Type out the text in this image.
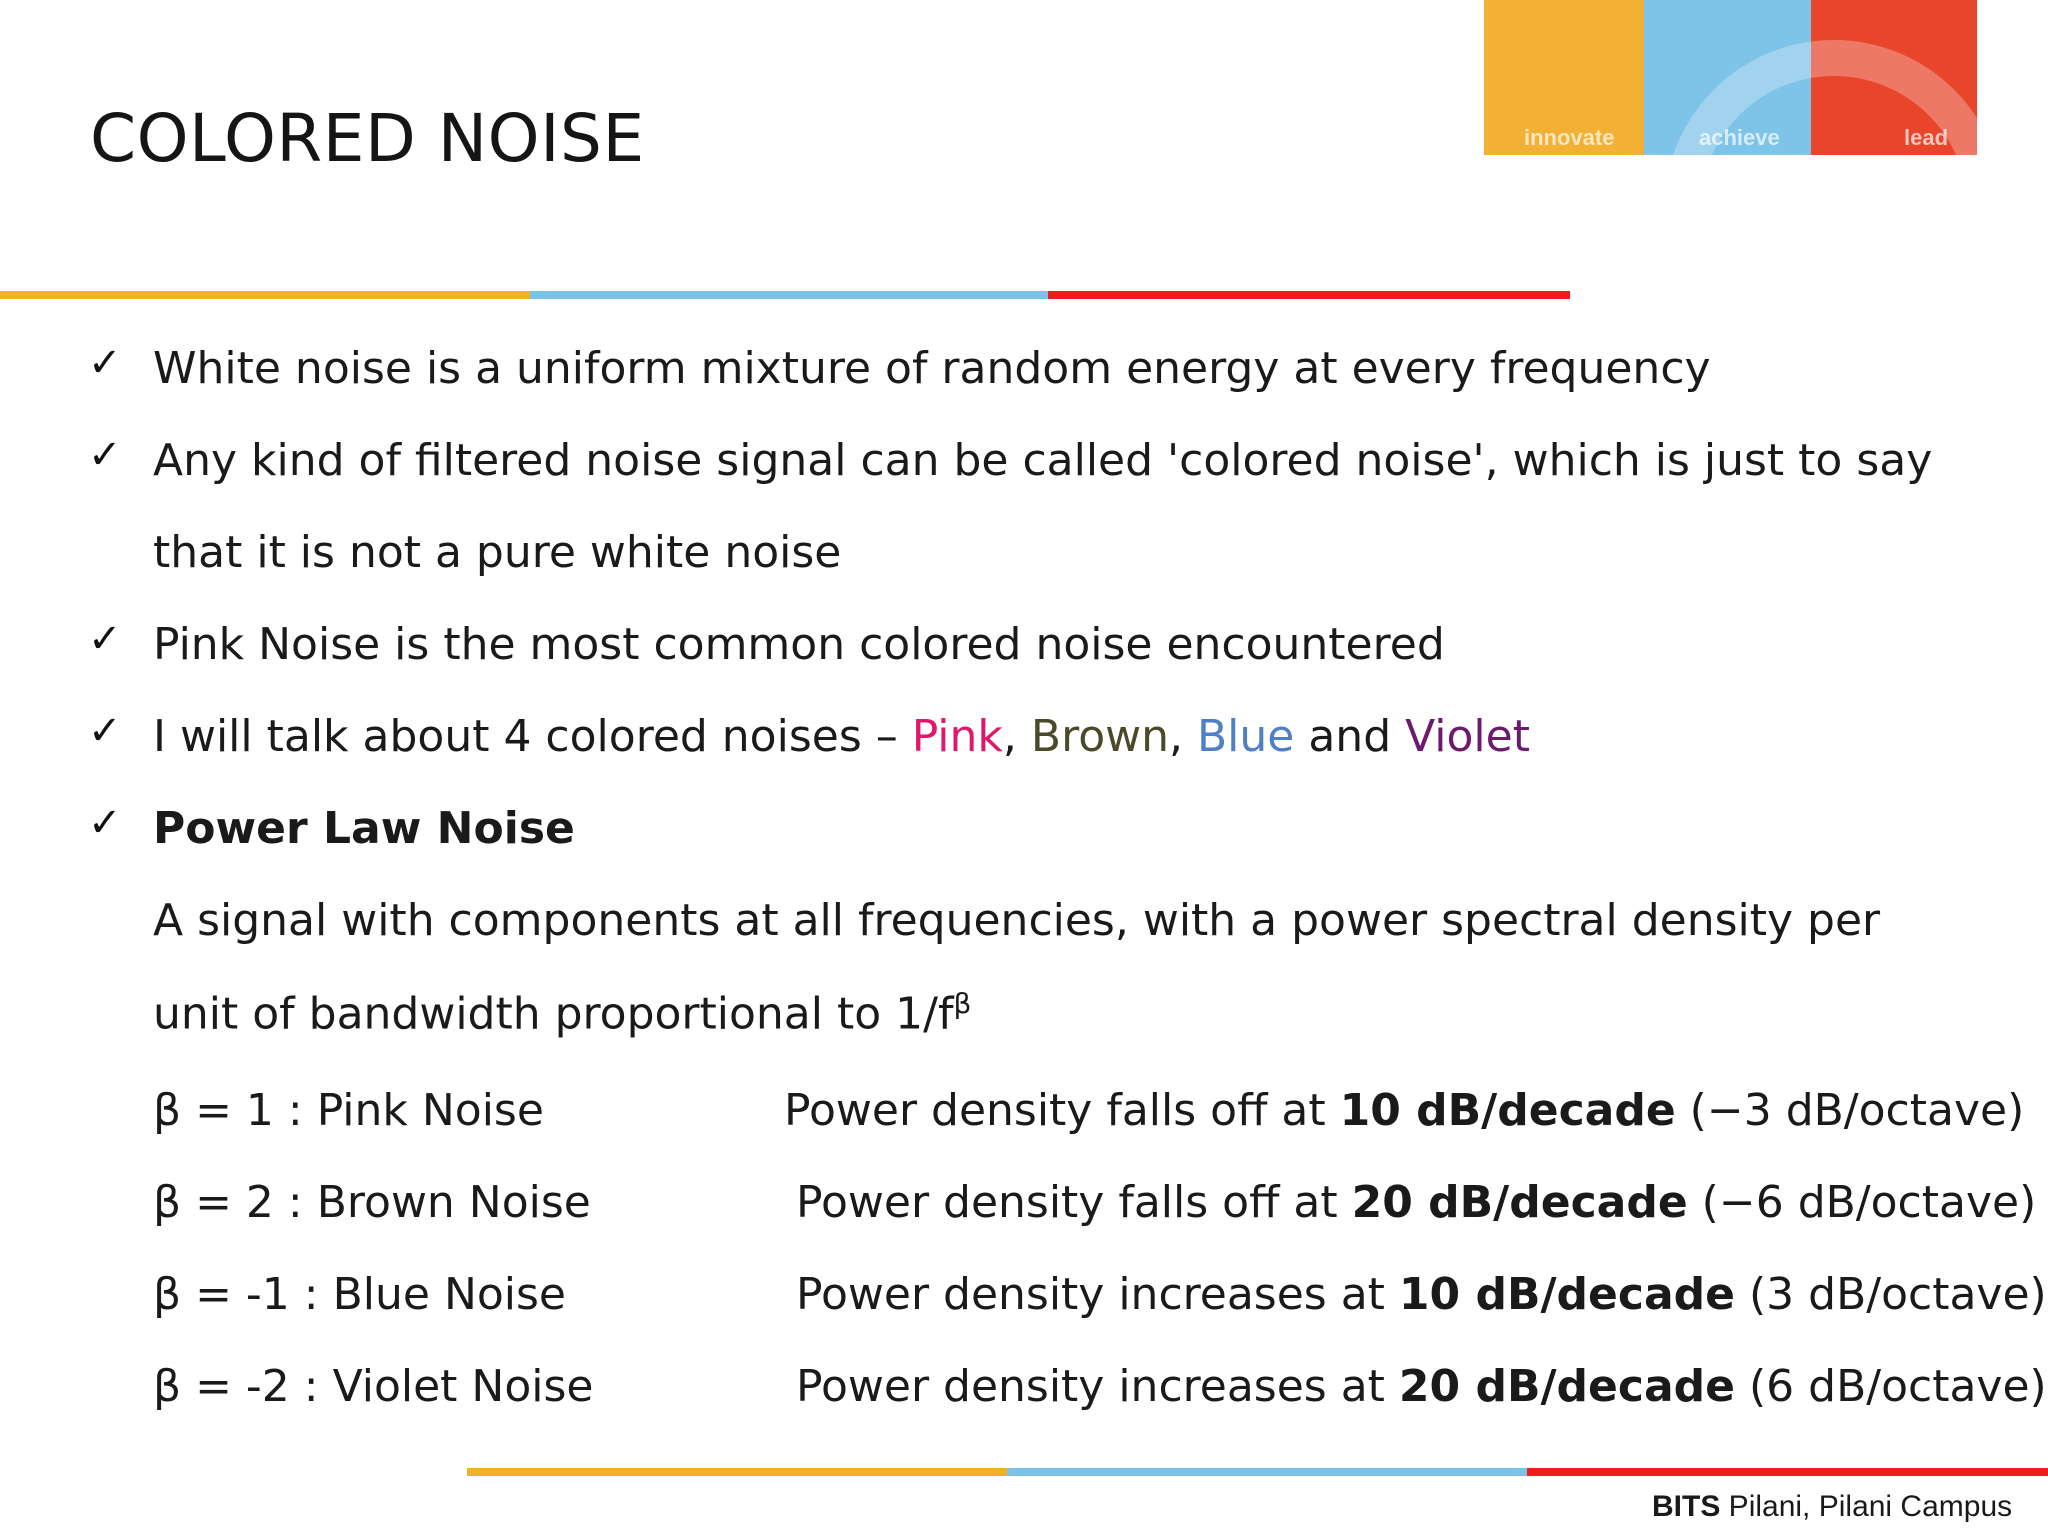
COLORED NOISE	innovate	achieve	lead
✓ White noise is a uniform mixture of random energy at every frequency
✓ Any kind of filtered noise signal can be called 'colored noise', which is just to say
that it is not a pure white noise
✓ Pink Noise is the most common colored noise encountered
✓ I will talk about 4 colored noises – Pink, Brown, Blue and Violet
✓ Power Law Noise
A signal with components at all frequencies, with a power spectral density per
unit of bandwidth proportional to $1/f^\beta$
β = 1 : Pink Noise	Power density falls off at 10 dB/decade (−3 dB/octave)
β = 2 : Brown Noise	Power density falls off at 20 dB/decade (−6 dB/octave)
β = -1 : Blue Noise	Power density increases at 10 dB/decade (3 dB/octave)
β = -2 : Violet Noise	Power density increases at 20 dB/decade (6 dB/octave)
BITS Pilani, Pilani Campus
